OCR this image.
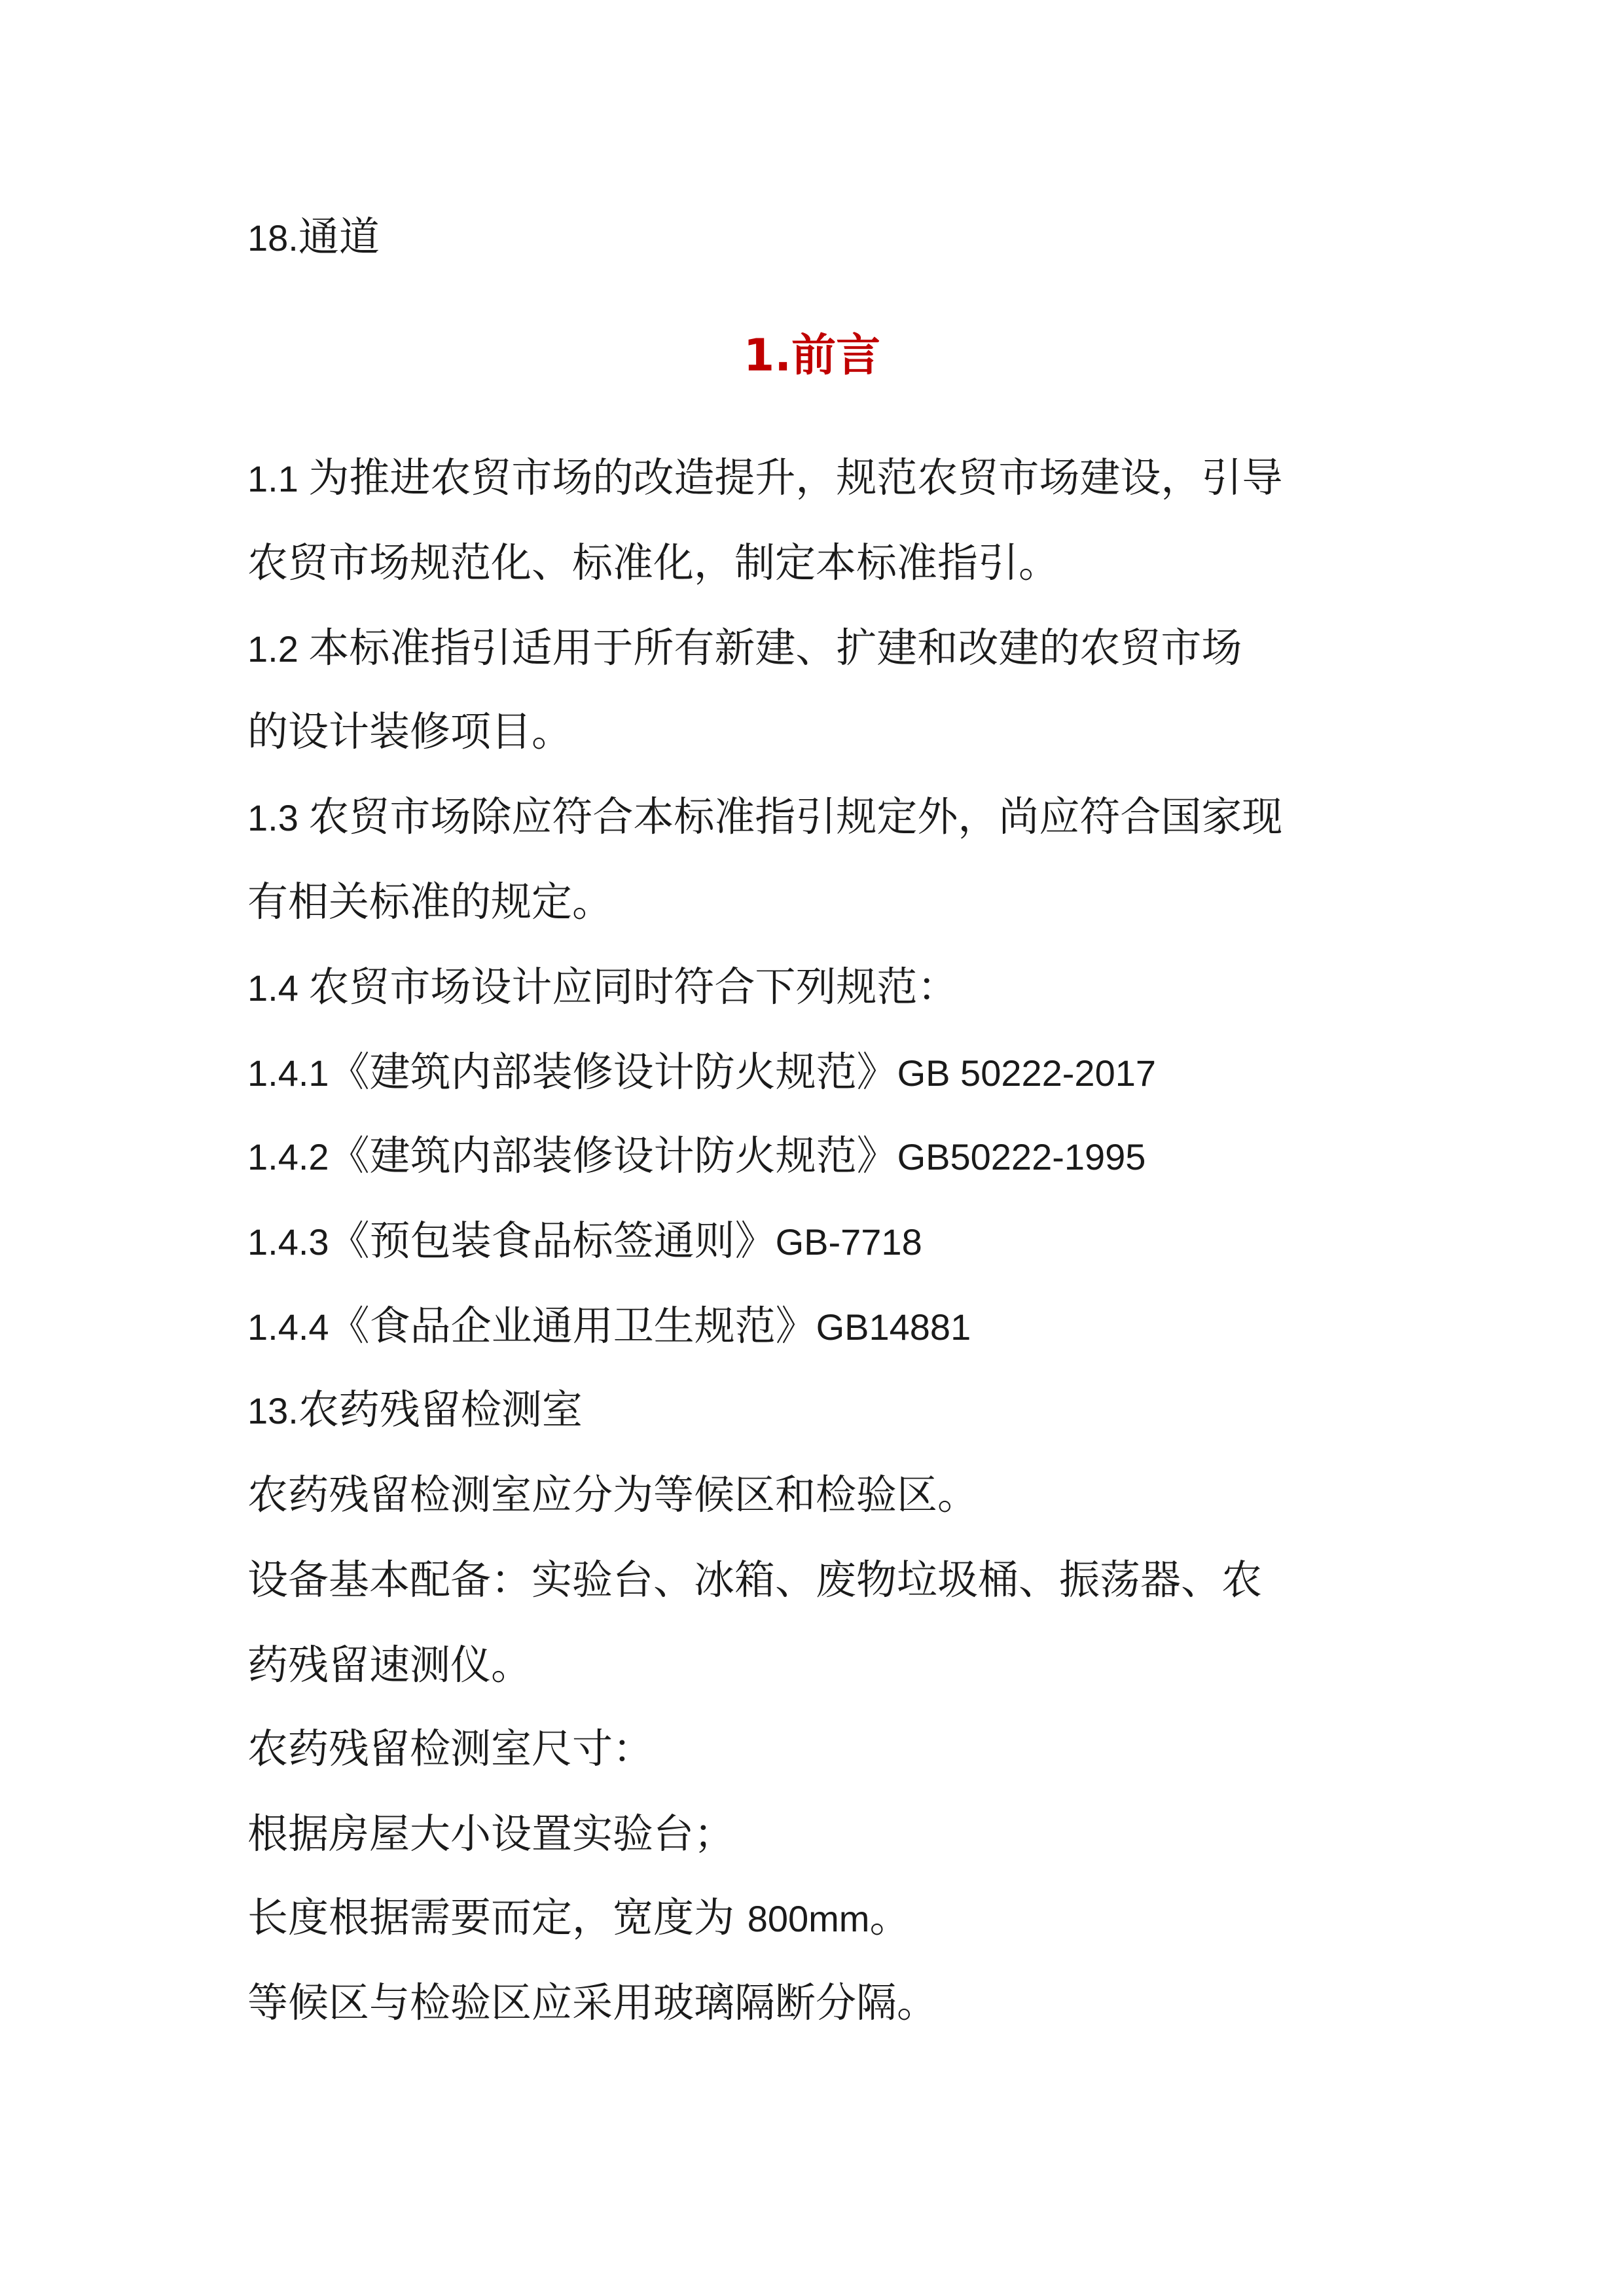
18.通道

1.前言

1.1 为推进农贸市场的改造提升，规范农贸市场建设，引导

农贸市场规范化、标准化，制定本标准指引。

1.2 本标准指引适用于所有新建、扩建和改建的农贸市场

的设计装修项目。

1.3 农贸市场除应符合本标准指引规定外，尚应符合国家现

有相关标准的规定。

1.4 农贸市场设计应同时符合下列规范：

1.4.1《建筑内部装修设计防火规范》GB 50222-2017

1.4.2《建筑内部装修设计防火规范》GB50222-1995

1.4.3《预包装食品标签通则》GB-7718

1.4.4《食品企业通用卫生规范》GB14881

13.农药残留检测室

农药残留检测室应分为等候区和检验区。

设备基本配备：实验台、冰箱、废物垃圾桶、振荡器、农

药残留速测仪。

农药残留检测室尺寸：

根据房屋大小设置实验台；

长度根据需要而定，宽度为 800mm。

等候区与检验区应采用玻璃隔断分隔。
